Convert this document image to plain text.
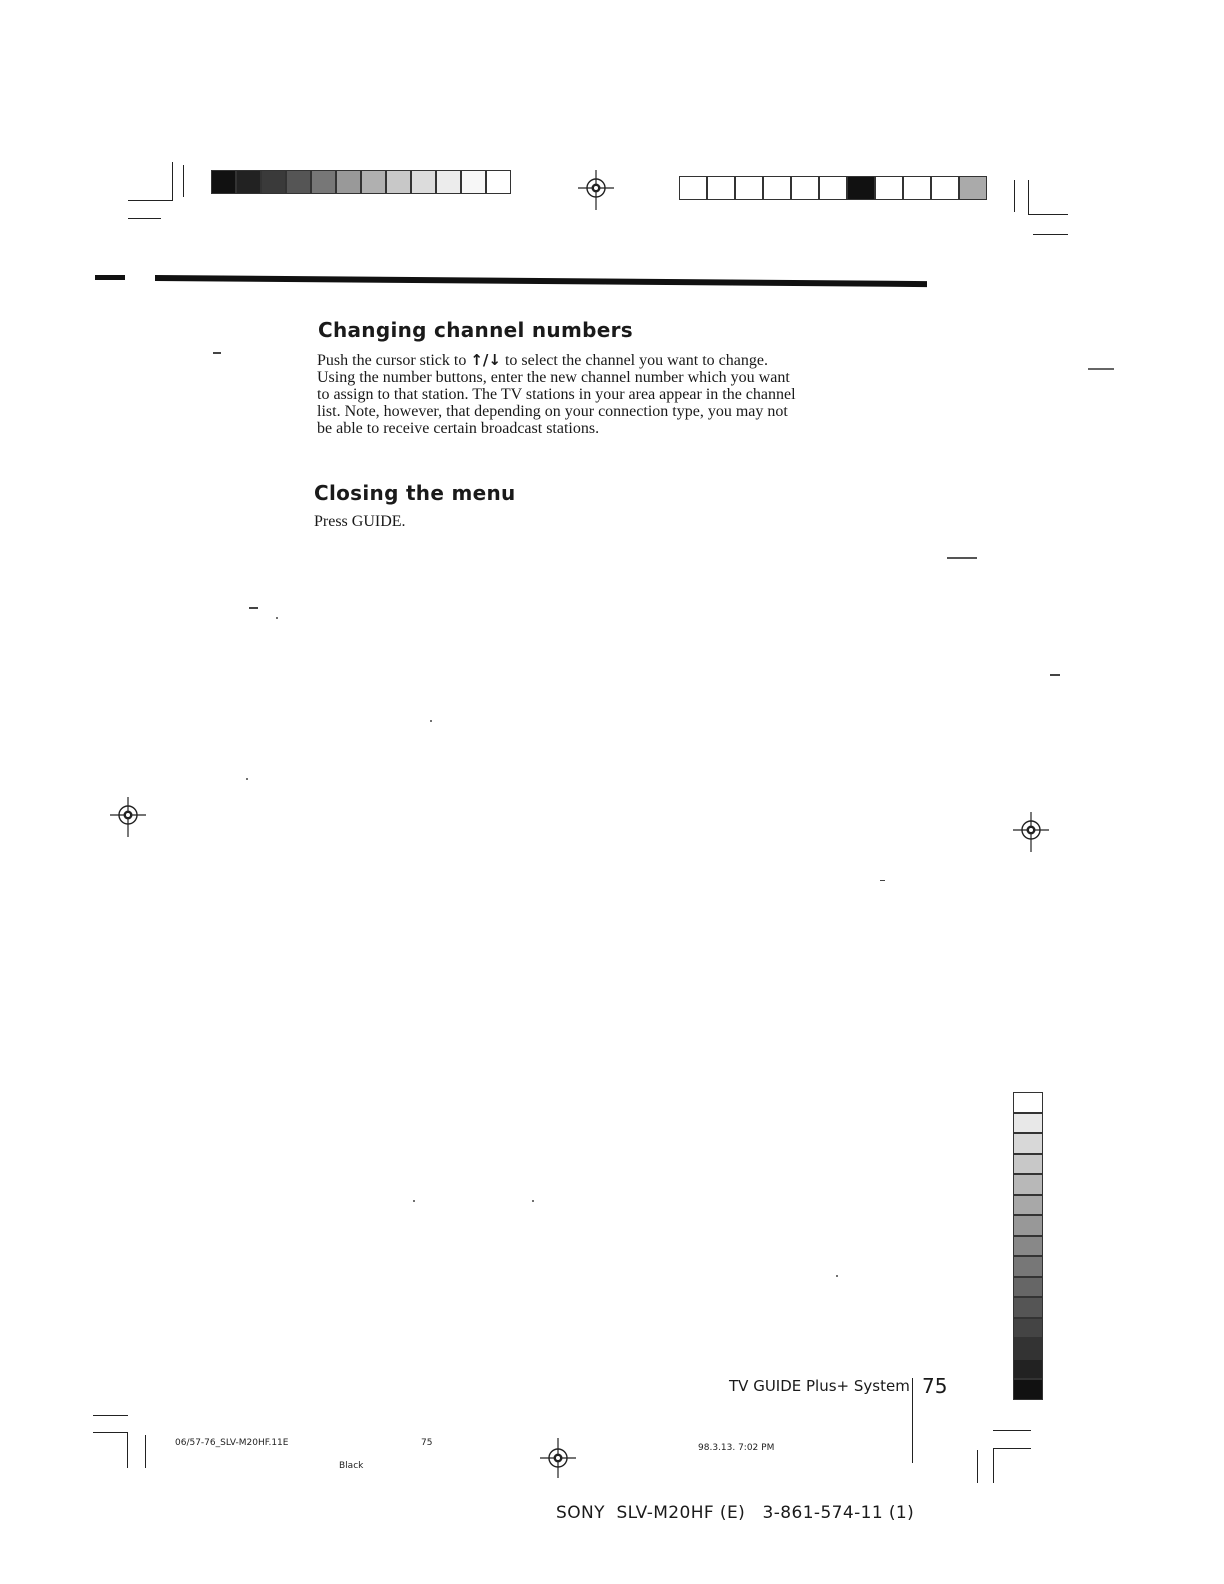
Changing channel numbers
Push the cursor stick to ↑/↓ to select the channel you want to change.
Using the number buttons, enter the new channel number which you want
to assign to that station. The TV stations in your area appear in the channel
list. Note, however, that depending on your connection type, you may not
be able to receive certain broadcast stations.
Closing the menu
Press GUIDE.
TV GUIDE Plus+ System 75
06/57-76_SLV-M20HF.11E	75
Black
98.3.13. 7:02 PM
SONY  SLV-M20HF (E)   3-861-574-11 (1)
